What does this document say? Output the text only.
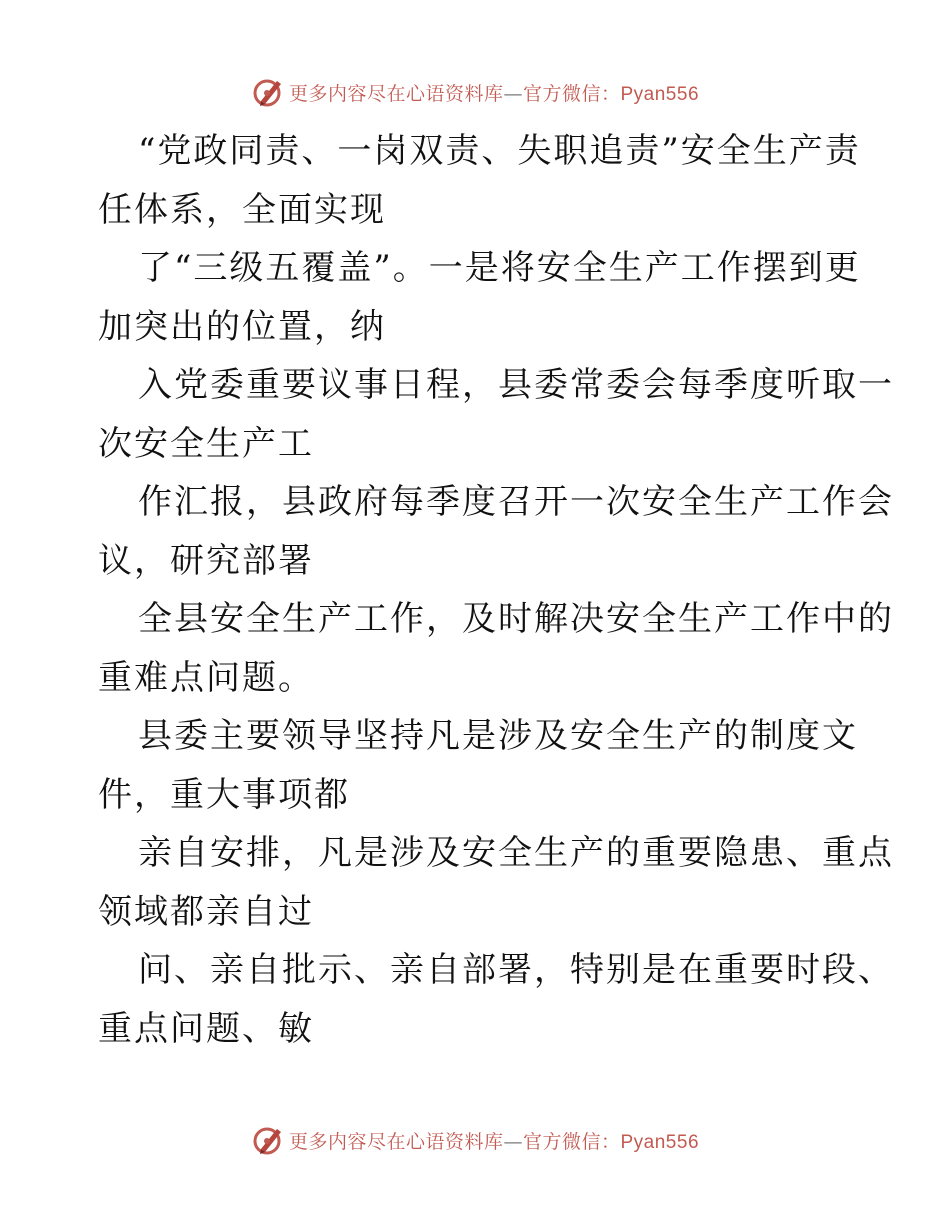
更多内容尽在心语资料库—官方微信：Pyan556
“党政同责、一岗双责、失职追责”安全生产责
任体系，全面实现
了“三级五覆盖”。一是将安全生产工作摆到更
加突出的位置，纳
入党委重要议事日程，县委常委会每季度听取一
次安全生产工
作汇报，县政府每季度召开一次安全生产工作会
议，研究部署
全县安全生产工作，及时解决安全生产工作中的
重难点问题。
县委主要领导坚持凡是涉及安全生产的制度文
件，重大事项都
亲自安排，凡是涉及安全生产的重要隐患、重点
领域都亲自过
问、亲自批示、亲自部署，特别是在重要时段、
重点问题、敏
更多内容尽在心语资料库—官方微信：Pyan556
